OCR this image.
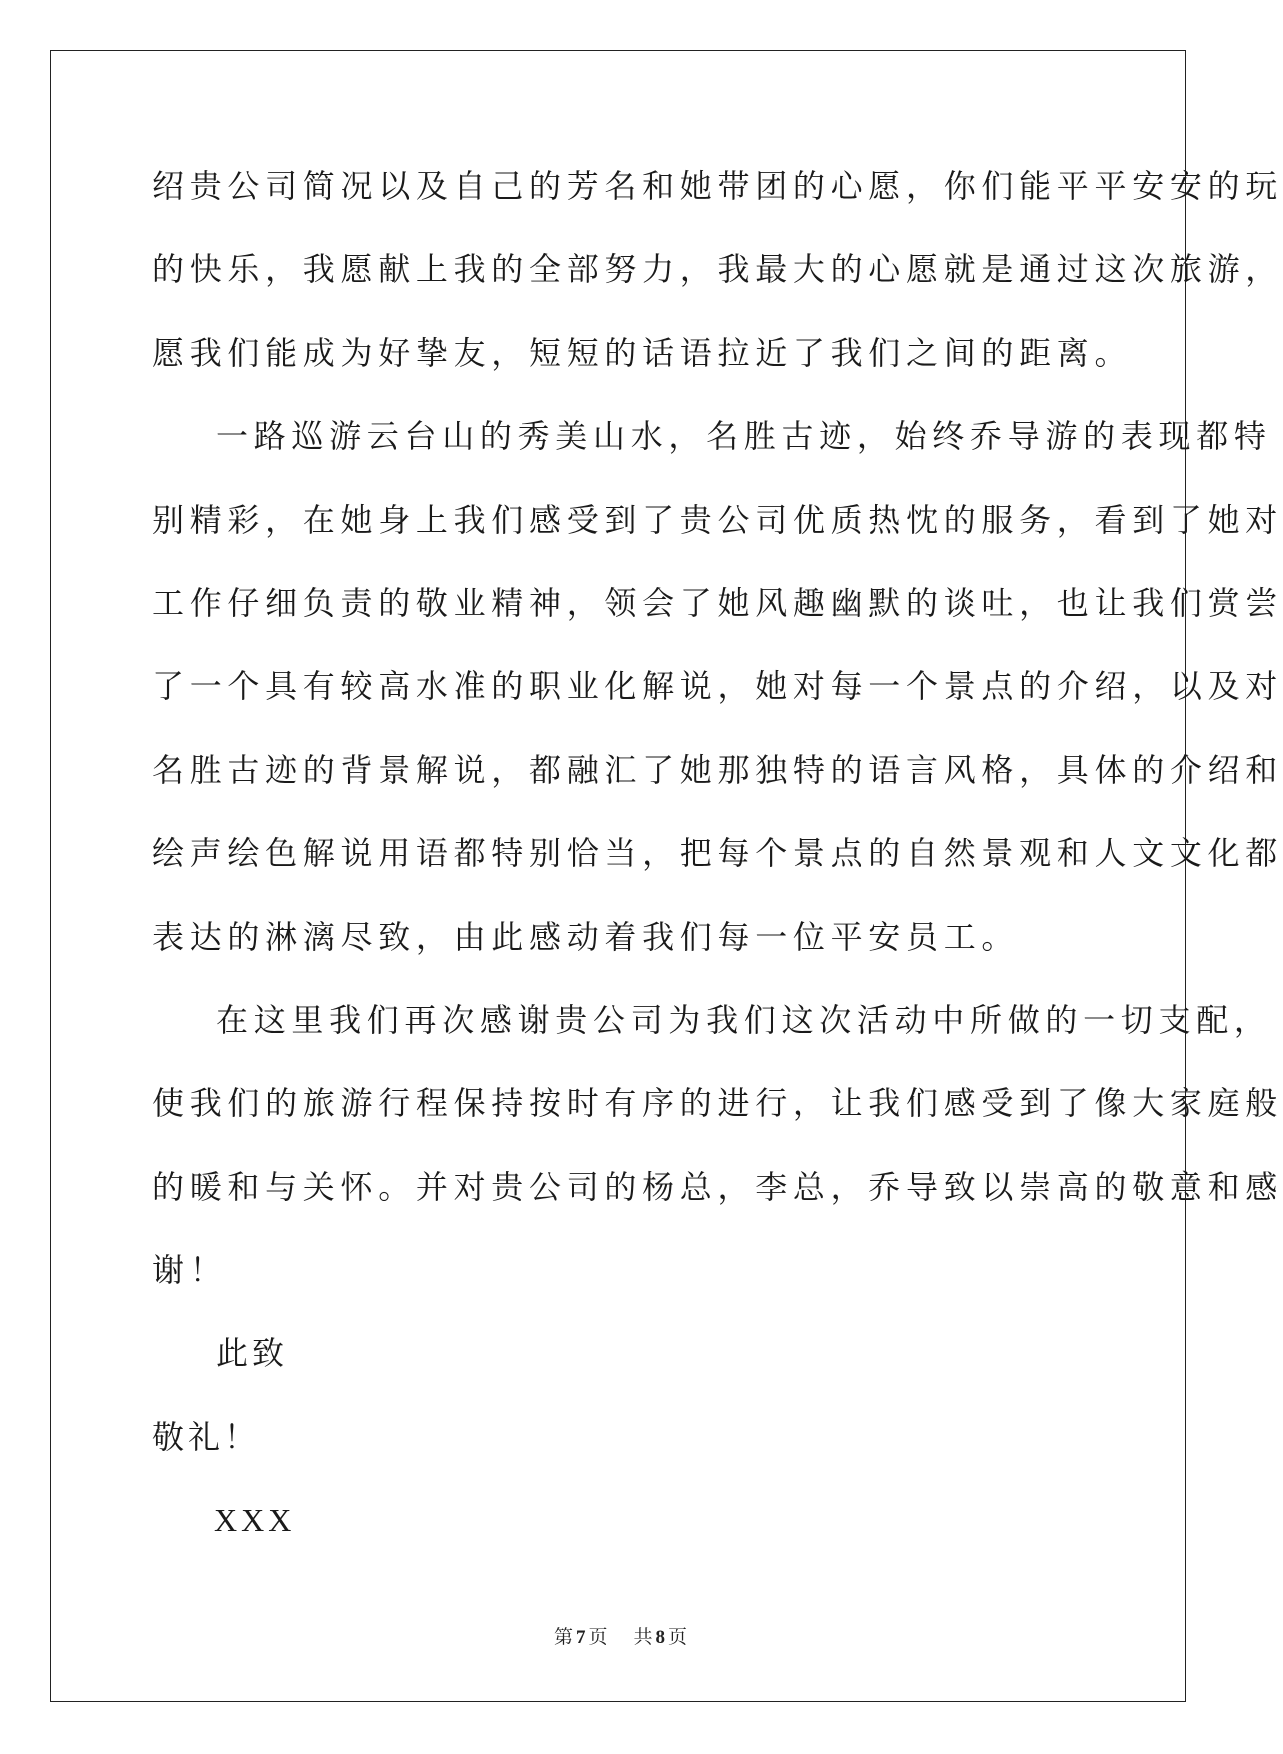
绍贵公司简况以及自己的芳名和她带团的心愿，你们能平平安安的玩
的快乐，我愿献上我的全部努力，我最大的心愿就是通过这次旅游，
愿我们能成为好挚友，短短的话语拉近了我们之间的距离。
一路巡游云台山的秀美山水，名胜古迹，始终乔导游的表现都特
别精彩，在她身上我们感受到了贵公司优质热忱的服务，看到了她对
工作仔细负责的敬业精神，领会了她风趣幽默的谈吐，也让我们赏尝
了一个具有较高水准的职业化解说，她对每一个景点的介绍，以及对
名胜古迹的背景解说，都融汇了她那独特的语言风格，具体的介绍和
绘声绘色解说用语都特别恰当，把每个景点的自然景观和人文文化都
表达的淋漓尽致，由此感动着我们每一位平安员工。
在这里我们再次感谢贵公司为我们这次活动中所做的一切支配，
使我们的旅游行程保持按时有序的进行，让我们感受到了像大家庭般
的暖和与关怀。并对贵公司的杨总，李总，乔导致以崇高的敬意和感
谢！
此致
敬礼！
XXX
第 7 页 共 8 页
